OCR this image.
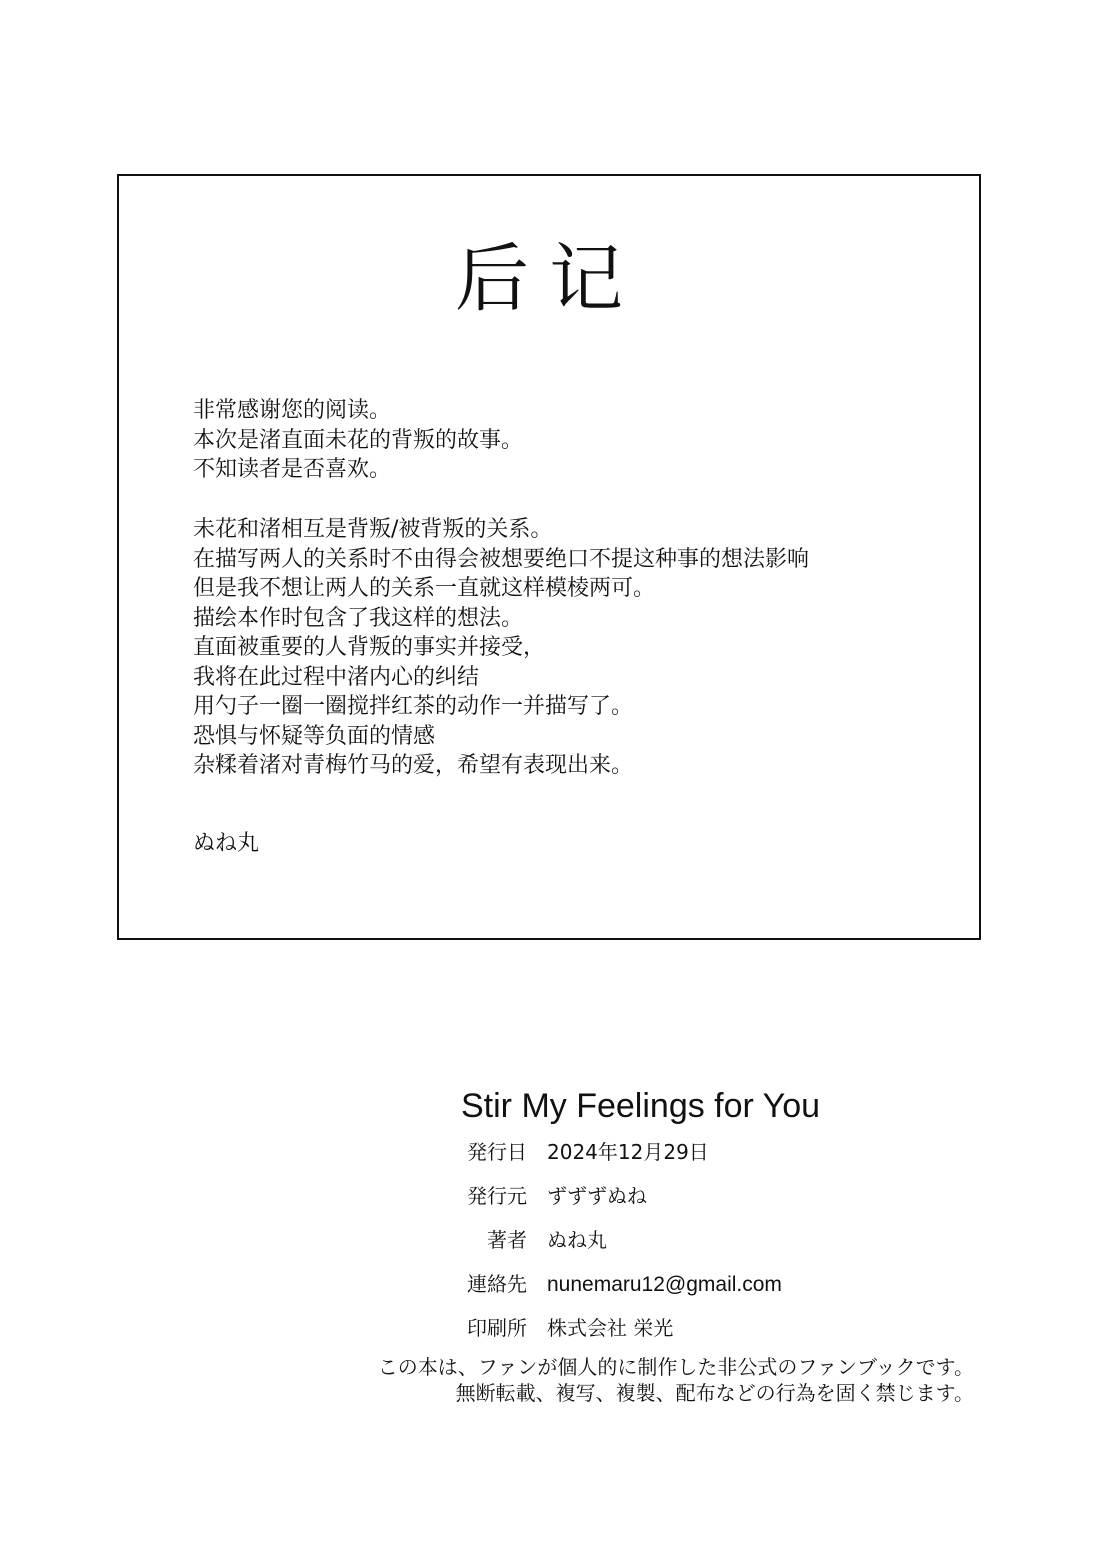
后记

非常感谢您的阅读。
本次是渚直面未花的背叛的故事。
不知读者是否喜欢。

未花和渚相互是背叛/被背叛的关系。
在描写两人的关系时不由得会被想要绝口不提这种事的想法影响
但是我不想让两人的关系一直就这样模棱两可。
描绘本作时包含了我这样的想法。
直面被重要的人背叛的事实并接受，
我将在此过程中渚内心的纠结
用勺子一圈一圈搅拌红茶的动作一并描写了。
恐惧与怀疑等负面的情感
杂糅着渚对青梅竹马的爱，希望有表现出来。

ぬね丸

Stir My Feelings for You
発行日 2024年12月29日
発行元 ずずずぬね
著者 ぬね丸
連絡先 nunemaru12@gmail.com
印刷所 株式会社 栄光

この本は、ファンが個人的に制作した非公式のファンブックです。
無断転載、複写、複製、配布などの行為を固く禁じます。
